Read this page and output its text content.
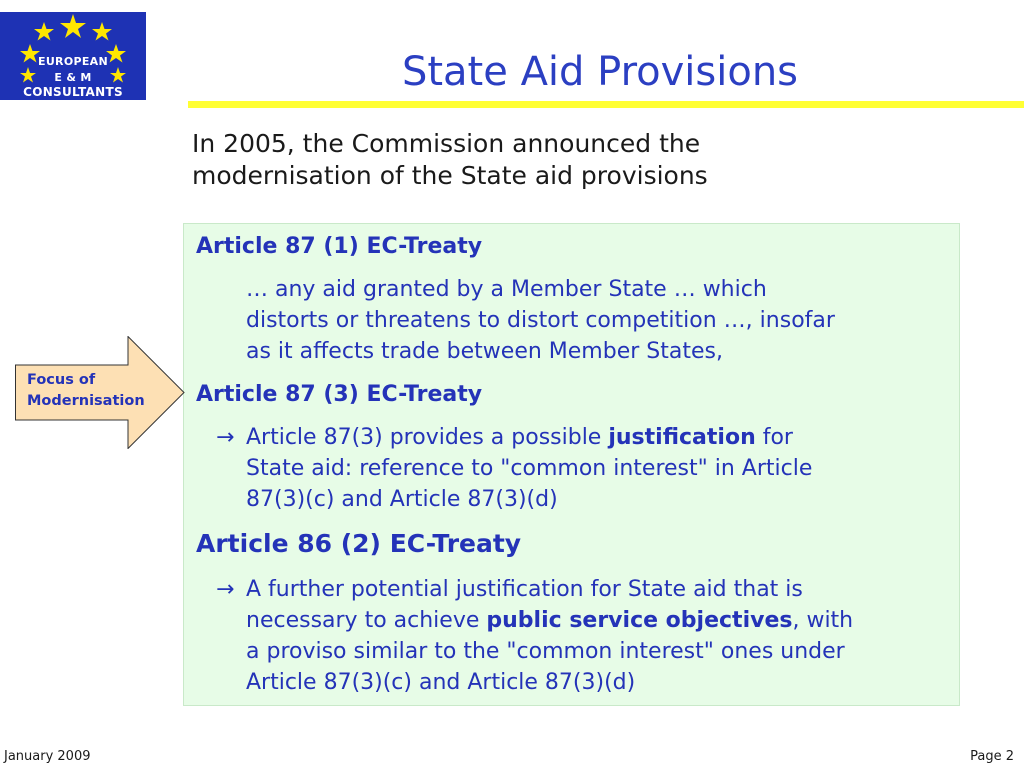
EUROPEAN
E & M
CONSULTANTS	State Aid Provisions
In 2005, the Commission announced the
modernisation of the State aid provisions
Article 87 (1) EC-Treaty
… any aid granted by a Member State … which
distorts or threatens to distort competition …, insofar
as it affects trade between Member States,
Article 87 (3) EC-Treaty
→ Article 87(3) provides a possible justification for
State aid: reference to "common interest" in Article
87(3)(c) and Article 87(3)(d)
Article 86 (2) EC-Treaty
→ A further potential justification for State aid that is
necessary to achieve public service objectives, with
a proviso similar to the "common interest" ones under
Article 87(3)(c) and Article 87(3)(d)
Focus of
Modernisation
January 2009	Page 2
